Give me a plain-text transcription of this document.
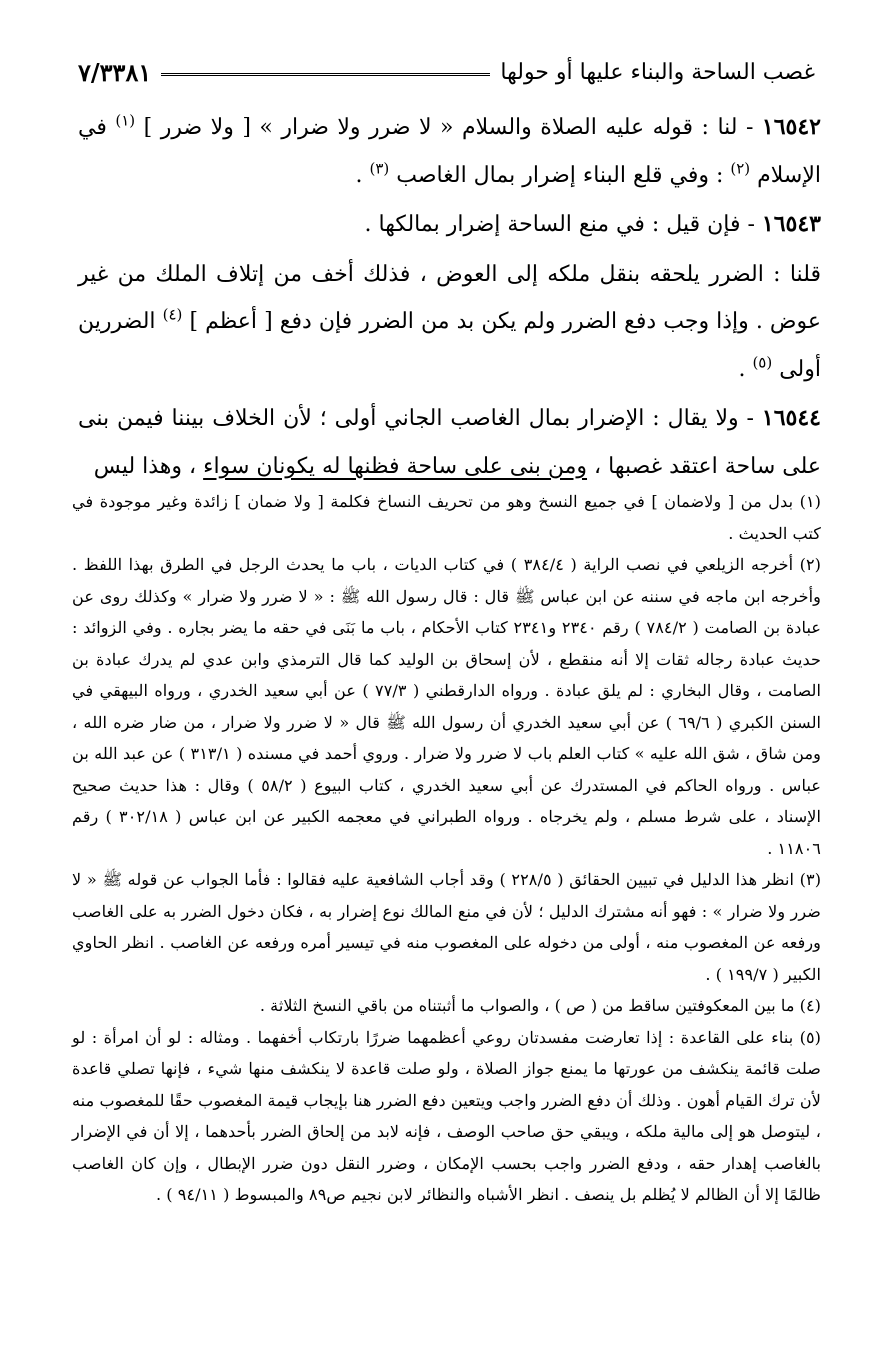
غصب الساحة والبناء عليها أو حولها
٧/٣٣٨١

١٦٥٤٢ - لنا : قوله عليه الصلاة والسلام « لا ضرر ولا ضرار » [ ولا ضرر ] $^{(١)}$ في الإسلام $^{(٢)}$ : وفي قلع البناء إضرار بمال الغاصب $^{(٣)}$ .

١٦٥٤٣ - فإن قيل : في منع الساحة إضرار بمالكها .

قلنا : الضرر يلحقه بنقل ملكه إلى العوض ، فذلك أخف من إتلاف الملك من غير عوض . وإذا وجب دفع الضرر ولم يكن بد من الضرر فإن دفع [ أعظم ] $^{(٤)}$ الضررين أولى $^{(٥)}$ .

١٦٥٤٤ - ولا يقال : الإضرار بمال الغاصب الجاني أولى ؛ لأن الخلاف بيننا فيمن بنى على ساحة اعتقد غصبها ، ومن بنى على ساحة فظنها له يكونان سواء ، وهذا ليس

(١) بدل من [ ولاضمان ] في جميع النسخ وهو من تحريف النساخ فكلمة [ ولا ضمان ] زائدة وغير موجودة في كتب الحديث .

(٢) أخرجه الزيلعي في نصب الراية ( ٣٨٤/٤ ) في كتاب الديات ، باب ما يحدث الرجل في الطرق بهذا اللفظ . وأخرجه ابن ماجه في سننه عن ابن عباس ﷺ قال : قال رسول الله ﷺ : « لا ضرر ولا ضرار » وكذلك روى عن عبادة بن الصامت ( ٧٨٤/٢ ) رقم ٢٣٤٠ و٢٣٤١ كتاب الأحكام ، باب ما بَنَى في حقه ما يضر بجاره . وفي الزوائد : حديث عبادة رجاله ثقات إلا أنه منقطع ، لأن إسحاق بن الوليد كما قال الترمذي وابن عدي لم يدرك عبادة بن الصامت ، وقال البخاري : لم يلق عبادة . ورواه الدارقطني ( ٧٧/٣ ) عن أبي سعيد الخدري ، ورواه البيهقي في السنن الكبري ( ٦٩/٦ ) عن أبي سعيد الخدري أن رسول الله ﷺ قال « لا ضرر ولا ضرار ، من ضار ضره الله ، ومن شاق ، شق الله عليه » كتاب العلم باب لا ضرر ولا ضرار . وروي أحمد في مسنده ( ٣١٣/١ ) عن عبد الله بن عباس . ورواه الحاكم في المستدرك عن أبي سعيد الخدري ، كتاب البيوع ( ٥٨/٢ ) وقال : هذا حديث صحيح الإسناد ، على شرط مسلم ، ولم يخرجاه . ورواه الطبراني في معجمه الكبير عن ابن عباس ( ٣٠٢/١٨ ) رقم ١١٨٠٦ .

(٣) انظر هذا الدليل في تبيين الحقائق ( ٢٢٨/٥ ) وقد أجاب الشافعية عليه فقالوا : فأما الجواب عن قوله ﷺ « لا ضرر ولا ضرار » : فهو أنه مشترك الدليل ؛ لأن في منع المالك نوع إضرار به ، فكان دخول الضرر به على الغاصب ورفعه عن المغصوب منه ، أولى من دخوله على المغصوب منه في تيسير أمره ورفعه عن الغاصب . انظر الحاوي الكبير ( ١٩٩/٧ ) .

(٤) ما بين المعكوفتين ساقط من ( ص ) ، والصواب ما أثبتناه من باقي النسخ الثلاثة .

(٥) بناء على القاعدة : إذا تعارضت مفسدتان روعي أعظمهما ضررًا بارتكاب أخفهما . ومثاله : لو أن امرأة : لو صلت قائمة ينكشف من عورتها ما يمنع جواز الصلاة ، ولو صلت قاعدة لا ينكشف منها شيء ، فإنها تصلي قاعدة لأن ترك القيام أهون . وذلك أن دفع الضرر واجب ويتعين دفع الضرر هنا بإيجاب قيمة المغصوب حقًا للمغصوب منه ، ليتوصل هو إلى مالية ملكه ، ويبقي حق صاحب الوصف ، فإنه لابد من إلحاق الضرر بأحدهما ، إلا أن في الإضرار بالغاصب إهدار حقه ، ودفع الضرر واجب بحسب الإمكان ، وضرر النقل دون ضرر الإبطال ، وإن كان الغاصب ظالمًا إلا أن الظالم لا يُظلم بل ينصف . انظر الأشباه والنظائر لابن نجيم ص٨٩ والمبسوط ( ٩٤/١١ ) .
